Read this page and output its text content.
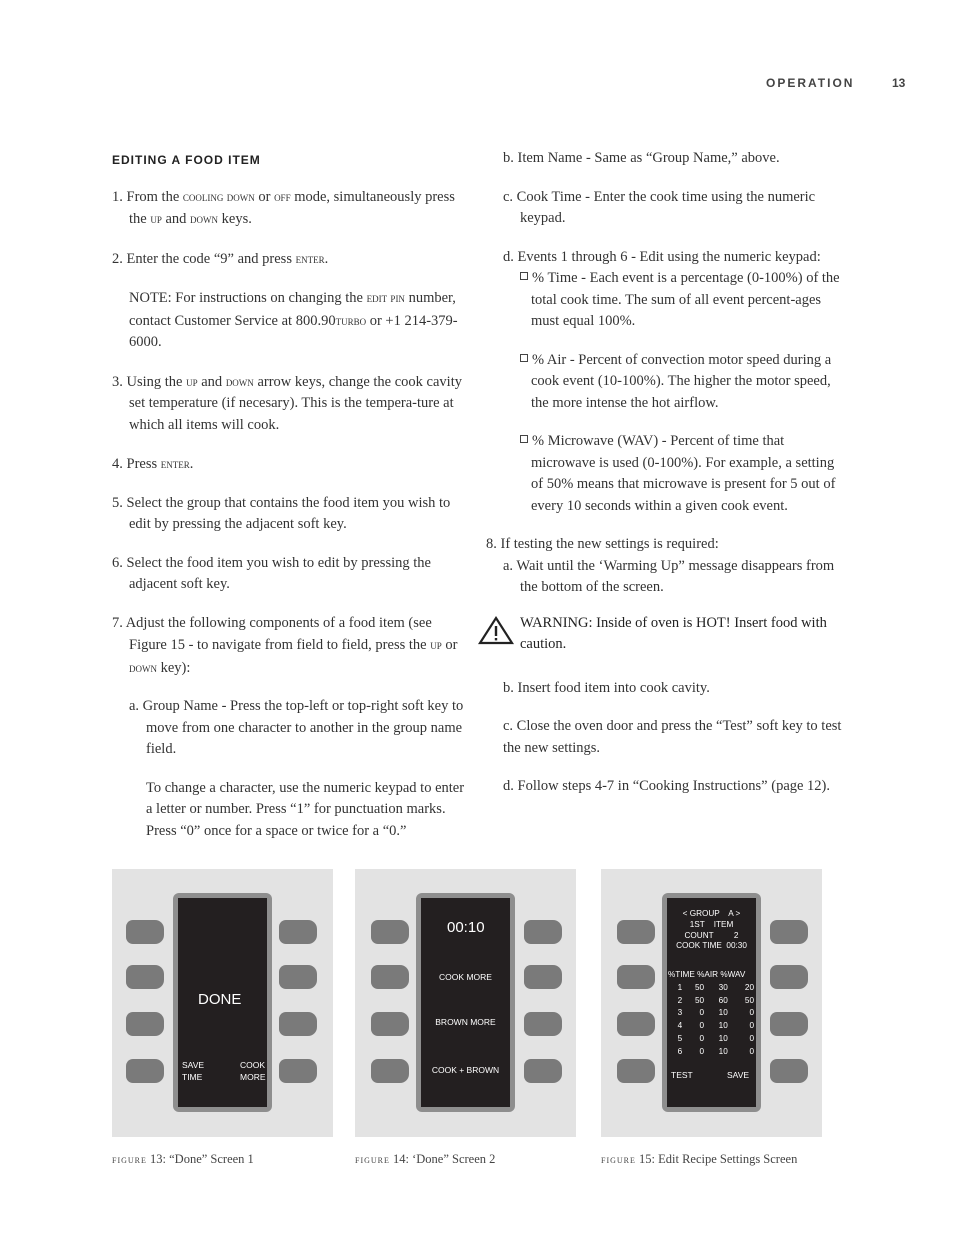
OPERATION	13
EDITING A FOOD ITEM

1. From the cooling down or off mode, simultaneously press the up and down keys.

2. Enter the code “9” and press enter.

NOTE: For instructions on changing the edit pin number, contact Customer Service at 800.90turbo or +1 214-379-6000.

3. Using the up and down arrow keys, change the cook cavity set temperature (if necesary). This is the tempera-ture at which all items will cook.

4. Press enter.

5. Select the group that contains the food item you wish to edit by pressing the adjacent soft key.

6. Select the food item you wish to edit by pressing the adjacent soft key.

7. Adjust the following components of a food item (see Figure 15 - to navigate from field to field, press the up or down key):

a. Group Name - Press the top-left or top-right soft key to move from one character to another in the group name field.

To change a character, use the numeric keypad to enter a letter or number. Press “1” for punctuation marks. Press “0” once for a space or twice for a “0.”

b. Item Name - Same as “Group Name,” above.

c. Cook Time - Enter the cook time using the numeric keypad.

d. Events 1 through 6 - Edit using the numeric keypad:

% Time - Each event is a percentage (0-100%) of the total cook time. The sum of all event percent-ages must equal 100%.

% Air - Percent of convection motor speed during a cook event (10-100%). The higher the motor speed, the more intense the hot airflow.

% Microwave (WAV) - Percent of time that microwave is used (0-100%). For example, a setting of 50% means that microwave is present for 5 out of every 10 seconds within a given cook event.

8. If testing the new settings is required:

a. Wait until the ‘Warming Up” message disappears from the bottom of the screen.

WARNING: Inside of oven is HOT! Insert food with caution.

b. Insert food item into cook cavity.

c. Close the oven door and press the “Test” soft key to test the new settings.

d. Follow steps 4-7 in “Cooking Instructions” (page 12).

DONE
SAVE
TIME
COOK
MORE
00:10
COOK MORE
BROWN MORE
COOK + BROWN
< GROUP    A >
1ST    ITEM
COUNT         2
COOK TIME  00:30
%TIME %AIR %WAV
1	50	30	20
2	50	60	50
3	0	10	0
4	0	10	0
5	0	10	0
6	0	10	0
TEST	SAVE
figure 13: “Done” Screen 1	figure 14: ‘Done” Screen 2	figure 15: Edit Recipe Settings Screen
